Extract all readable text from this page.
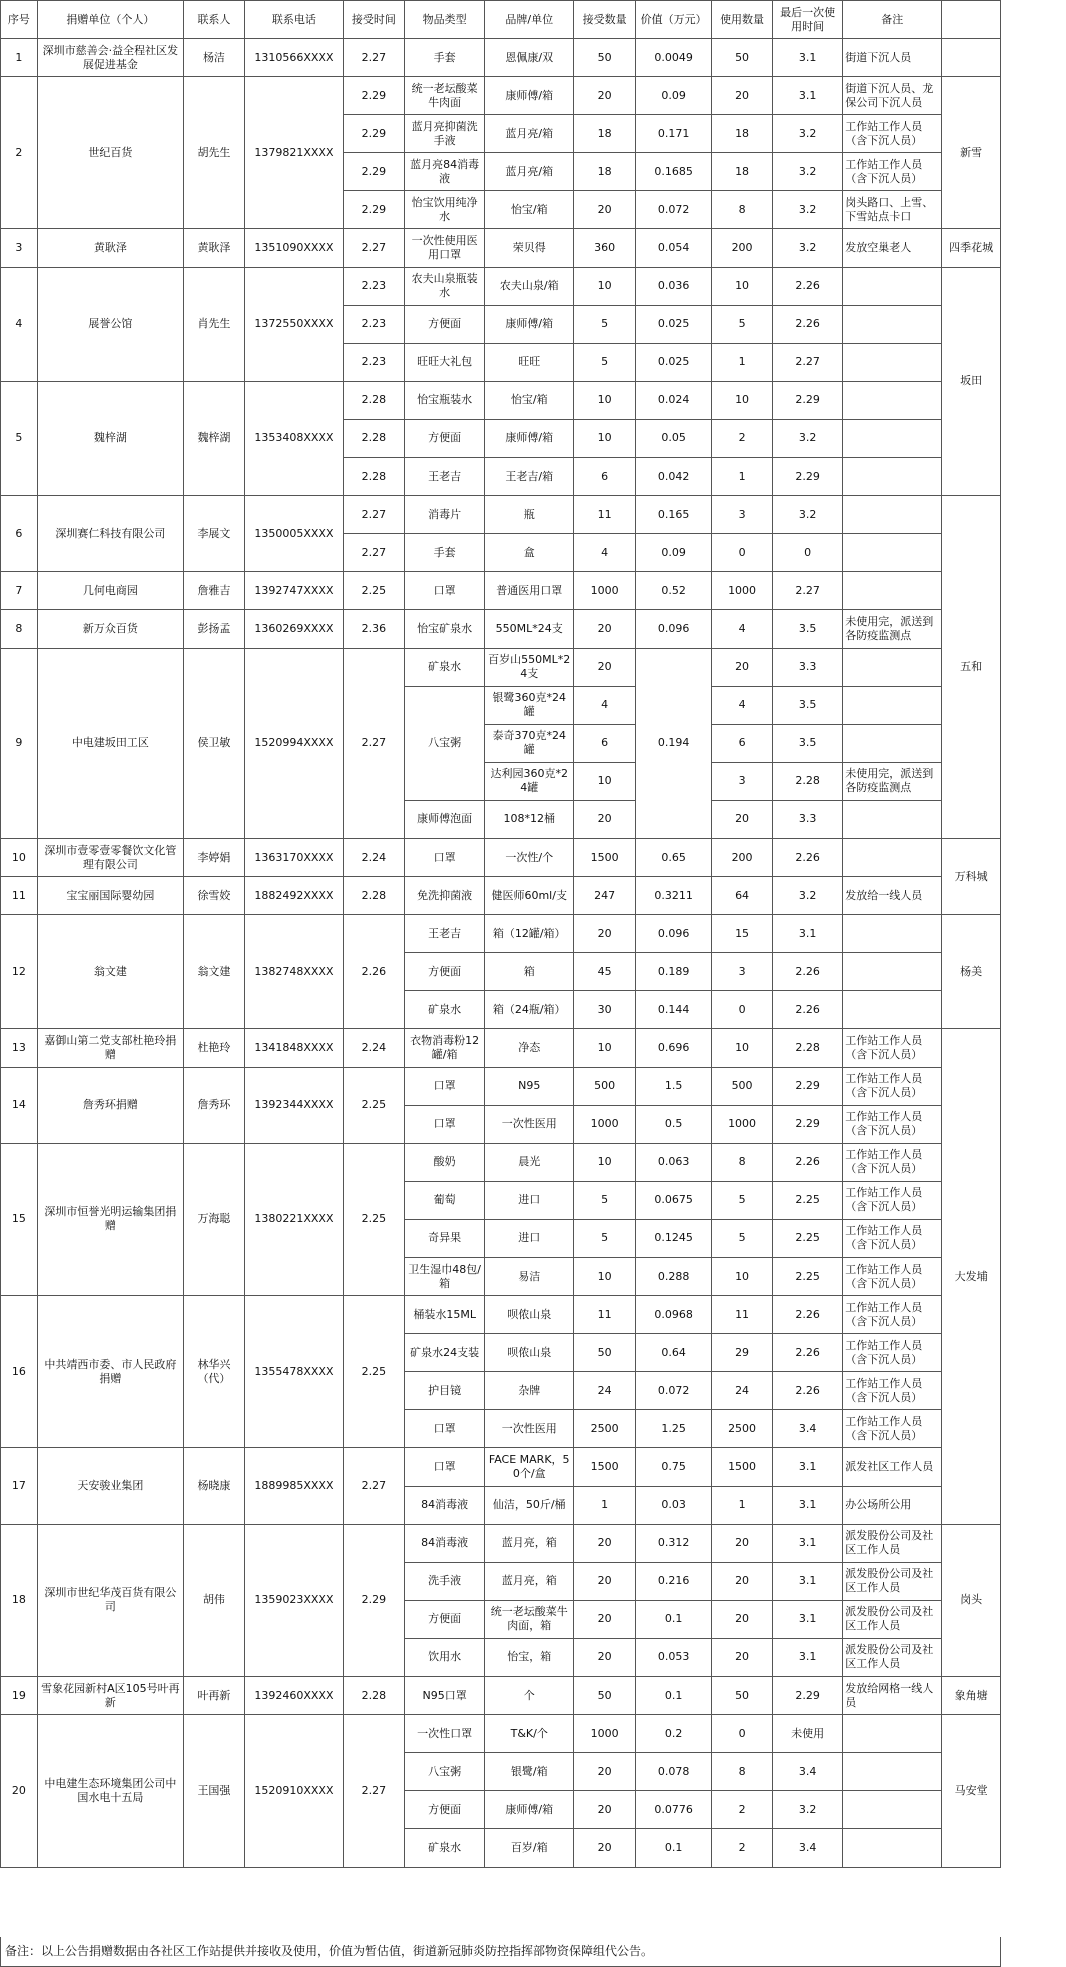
序号	捐赠单位（个人）	联系人	联系电话	接受时间	物品类型	品牌/单位	接受数量	价值（万元）	使用数量	最后一次使用时间	备注	
1	深圳市慈善会·益全程社区发展促进基金	杨洁	1310566XXXX	2.27	手套	恩佩康/双	50	0.0049	50	3.1	街道下沉人员	
2	世纪百货	胡先生	1379821XXXX	2.29	统一老坛酸菜牛肉面	康师傅/箱	20	0.09	20	3.1	街道下沉人员、龙保公司下沉人员	新雪
				2.29	蓝月亮抑菌洗手液	蓝月亮/箱	18	0.171	18	3.2	工作站工作人员（含下沉人员）	
				2.29	蓝月亮84消毒液	蓝月亮/箱	18	0.1685	18	3.2	工作站工作人员（含下沉人员）	
				2.29	怡宝饮用纯净水	怡宝/箱	20	0.072	8	3.2	岗头路口、上雪、下雪站点卡口	
3	黄耿泽	黄耿泽	1351090XXXX	2.27	一次性使用医用口罩	荣贝得	360	0.054	200	3.2	发放空巢老人	四季花城
4	展誉公馆	肖先生	1372550XXXX	2.23	农夫山泉瓶装水	农夫山泉/箱	10	0.036	10	2.26		坂田
				2.23	方便面	康师傅/箱	5	0.025	5	2.26		
				2.23	旺旺大礼包	旺旺	5	0.025	1	2.27		
5	魏梓湖	魏梓湖	1353408XXXX	2.28	怡宝瓶装水	怡宝/箱	10	0.024	10	2.29		
				2.28	方便面	康师傅/箱	10	0.05	2	3.2		
				2.28	王老吉	王老吉/箱	6	0.042	1	2.29		
6	深圳赛仁科技有限公司	李展文	1350005XXXX	2.27	消毒片	瓶	11	0.165	3	3.2		五和
				2.27	手套	盒	4	0.09	0	0		
7	几何电商园	詹雅吉	1392747XXXX	2.25	口罩	普通医用口罩	1000	0.52	1000	2.27		
8	新万众百货	彭扬孟	1360269XXXX	2.36	怡宝矿泉水	550ML*24支	20	0.096	4	3.5	未使用完，派送到各防疫监测点	
9	中电建坂田工区	侯卫敏	1520994XXXX	2.27	矿泉水	百岁山550ML*24支	20	0.194	20	3.3		
					八宝粥	银鹭360克*24罐	4		4	3.5		
						泰奇370克*24罐	6		6	3.5		
						达利园360克*24罐	10		3	2.28	未使用完，派送到各防疫监测点	
					康师傅泡面	108*12桶	20		20	3.3		
10	深圳市壹零壹零餐饮文化管理有限公司	李婷娟	1363170XXXX	2.24	口罩	一次性/个	1500	0.65	200	2.26		万科城
11	宝宝丽国际婴幼园	徐雪姣	1882492XXXX	2.28	免洗抑菌液	健医师60ml/支	247	0.3211	64	3.2	发放给一线人员	
12	翁文建	翁文建	1382748XXXX	2.26	王老吉	箱（12罐/箱）	20	0.096	15	3.1		杨美
					方便面	箱	45	0.189	3	2.26		
					矿泉水	箱（24瓶/箱）	30	0.144	0	2.26		
13	嘉御山第二党支部杜艳玲捐赠	杜艳玲	1341848XXXX	2.24	衣物消毒粉12罐/箱	净态	10	0.696	10	2.28	工作站工作人员（含下沉人员）	大发埔
14	詹秀环捐赠	詹秀环	1392344XXXX	2.25	口罩	N95	500	1.5	500	2.29	工作站工作人员（含下沉人员）	
					口罩	一次性医用	1000	0.5	1000	2.29	工作站工作人员（含下沉人员）	
15	深圳市恒誉光明运输集团捐赠	万海聪	1380221XXXX	2.25	酸奶	晨光	10	0.063	8	2.26	工作站工作人员（含下沉人员）	
					葡萄	进口	5	0.0675	5	2.25	工作站工作人员（含下沉人员）	
					奇异果	进口	5	0.1245	5	2.25	工作站工作人员（含下沉人员）	
					卫生湿巾48包/箱	易洁	10	0.288	10	2.25	工作站工作人员（含下沉人员）	
16	中共靖西市委、市人民政府捐赠	林华兴（代）	1355478XXXX	2.25	桶装水15ML	呗侬山泉	11	0.0968	11	2.26	工作站工作人员（含下沉人员）	
					矿泉水24支装	呗侬山泉	50	0.64	29	2.26	工作站工作人员（含下沉人员）	
					护目镜	杂牌	24	0.072	24	2.26	工作站工作人员（含下沉人员）	
					口罩	一次性医用	2500	1.25	2500	3.4	工作站工作人员（含下沉人员）	
17	天安骏业集团	杨晓康	1889985XXXX	2.27	口罩	FACE MARK，50个/盒	1500	0.75	1500	3.1	派发社区工作人员	
					84消毒液	仙洁，50斤/桶	1	0.03	1	3.1	办公场所公用	
18	深圳市世纪华茂百货有限公司	胡伟	1359023XXXX	2.29	84消毒液	蓝月亮，箱	20	0.312	20	3.1	派发股份公司及社区工作人员	岗头
					洗手液	蓝月亮，箱	20	0.216	20	3.1	派发股份公司及社区工作人员	
					方便面	统一老坛酸菜牛肉面，箱	20	0.1	20	3.1	派发股份公司及社区工作人员	
					饮用水	怡宝，箱	20	0.053	20	3.1	派发股份公司及社区工作人员	
19	雪象花园新村A区105号叶再新	叶再新	1392460XXXX	2.28	N95口罩	个	50	0.1	50	2.29	发放给网格一线人员	象角塘
20	中电建生态环境集团公司中国水电十五局	王国强	1520910XXXX	2.27	一次性口罩	T&K/个	1000	0.2	0	未使用		马安堂
					八宝粥	银鹭/箱	20	0.078	8	3.4		
					方便面	康师傅/箱	20	0.0776	2	3.2		
					矿泉水	百岁/箱	20	0.1	2	3.4		
备注：以上公告捐赠数据由各社区工作站提供并接收及使用，价值为暂估值，街道新冠肺炎防控指挥部物资保障组代公告。
